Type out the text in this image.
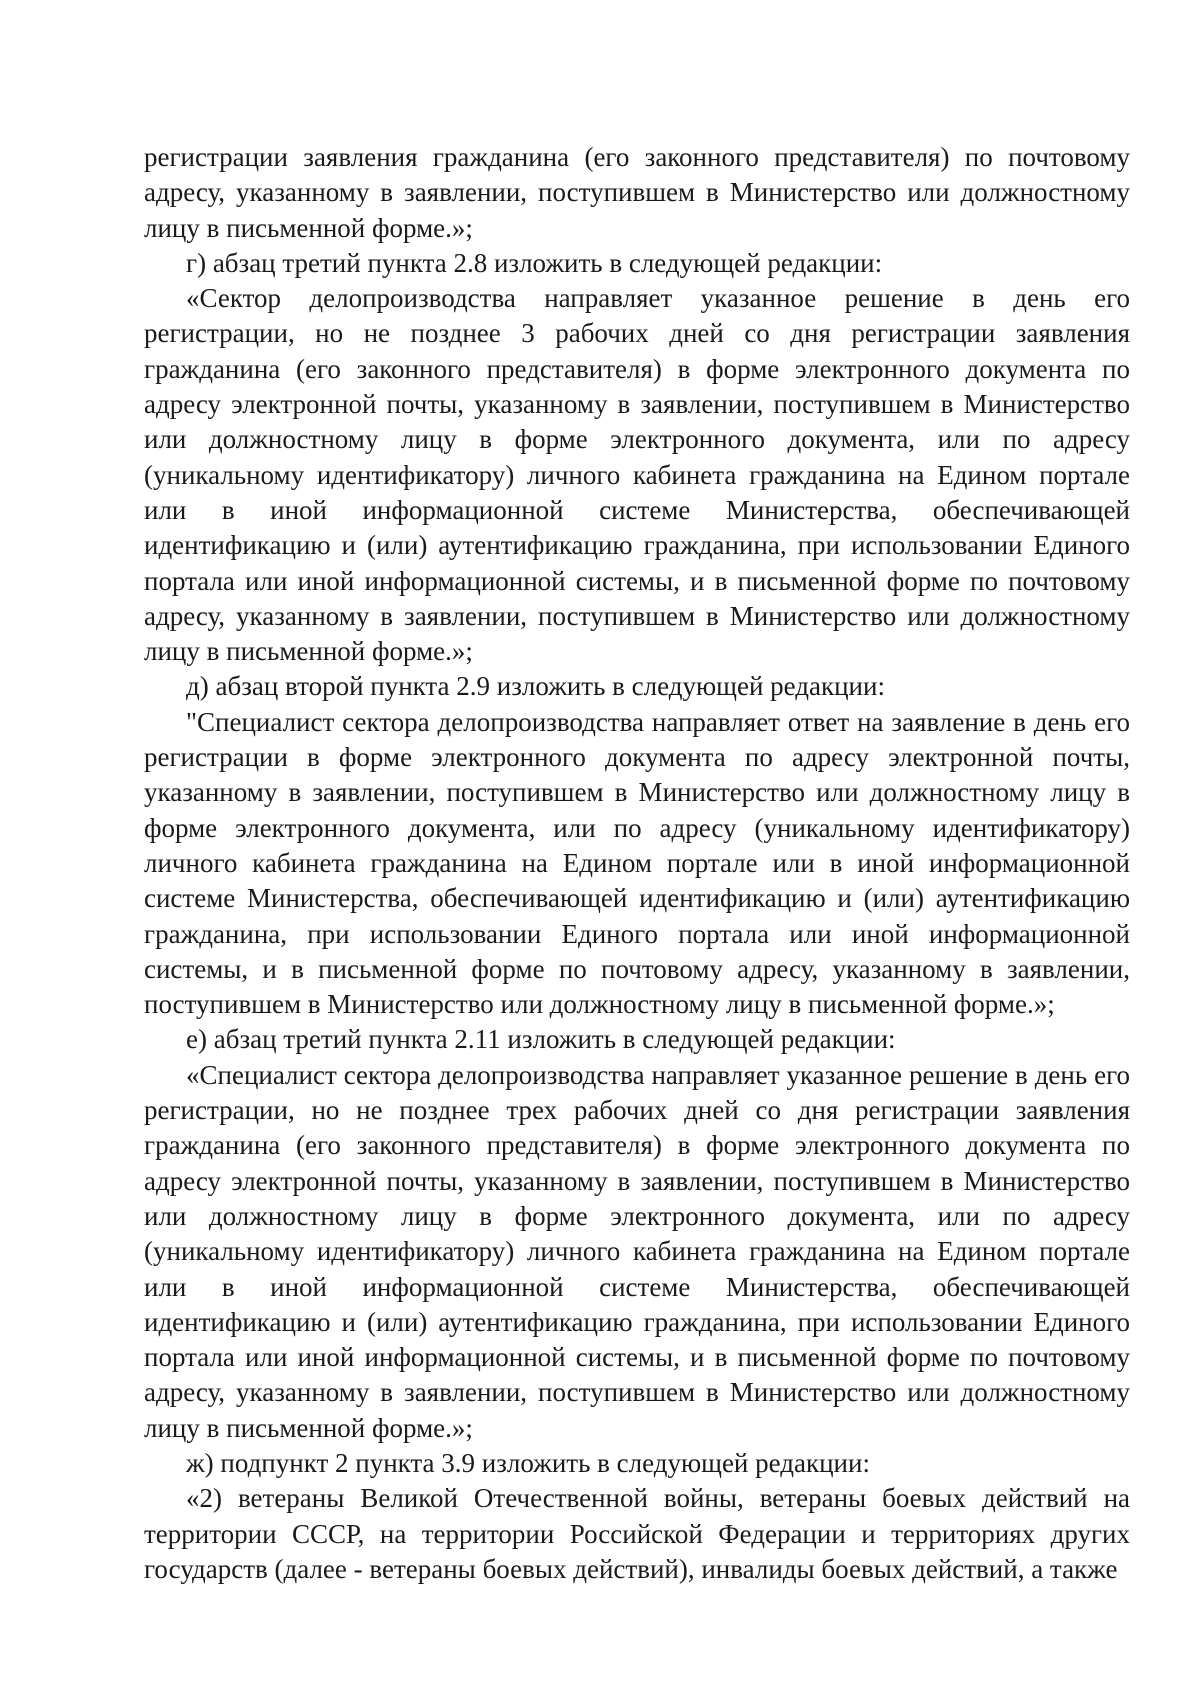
регистрации заявления гражданина (его законного представителя) по почтовому адресу, указанному в заявлении, поступившем в Министерство или должностному лицу в письменной форме.»;

г) абзац третий пункта 2.8 изложить в следующей редакции:

«Сектор делопроизводства направляет указанное решение в день его регистрации, но не позднее 3 рабочих дней со дня регистрации заявления гражданина (его законного представителя) в форме электронного документа по адресу электронной почты, указанному в заявлении, поступившем в Министерство или должностному лицу в форме электронного документа, или по адресу (уникальному идентификатору) личного кабинета гражданина на Едином портале или в иной информационной системе Министерства, обеспечивающей идентификацию и (или) аутентификацию гражданина, при использовании Единого портала или иной информационной системы, и в письменной форме по почтовому адресу, указанному в заявлении, поступившем в Министерство или должностному лицу в письменной форме.»;

д) абзац второй пункта 2.9 изложить в следующей редакции:

"Специалист сектора делопроизводства направляет ответ на заявление в день его регистрации в форме электронного документа по адресу электронной почты, указанному в заявлении, поступившем в Министерство или должностному лицу в форме электронного документа, или по адресу (уникальному идентификатору) личного кабинета гражданина на Едином портале или в иной информационной системе Министерства, обеспечивающей идентификацию и (или) аутентификацию гражданина, при использовании Единого портала или иной информационной системы, и в письменной форме по почтовому адресу, указанному в заявлении, поступившем в Министерство или должностному лицу в письменной форме.»;

е) абзац третий пункта 2.11 изложить в следующей редакции:

«Специалист сектора делопроизводства направляет указанное решение в день его регистрации, но не позднее трех рабочих дней со дня регистрации заявления гражданина (его законного представителя) в форме электронного документа по адресу электронной почты, указанному в заявлении, поступившем в Министерство или должностному лицу в форме электронного документа, или по адресу (уникальному идентификатору) личного кабинета гражданина на Едином портале или в иной информационной системе Министерства, обеспечивающей идентификацию и (или) аутентификацию гражданина, при использовании Единого портала или иной информационной системы, и в письменной форме по почтовому адресу, указанному в заявлении, поступившем в Министерство или должностному лицу в письменной форме.»;

ж) подпункт 2 пункта 3.9 изложить в следующей редакции:

«2) ветераны Великой Отечественной войны, ветераны боевых действий на территории СССР, на территории Российской Федерации и территориях других государств (далее - ветераны боевых действий), инвалиды боевых действий, а также
